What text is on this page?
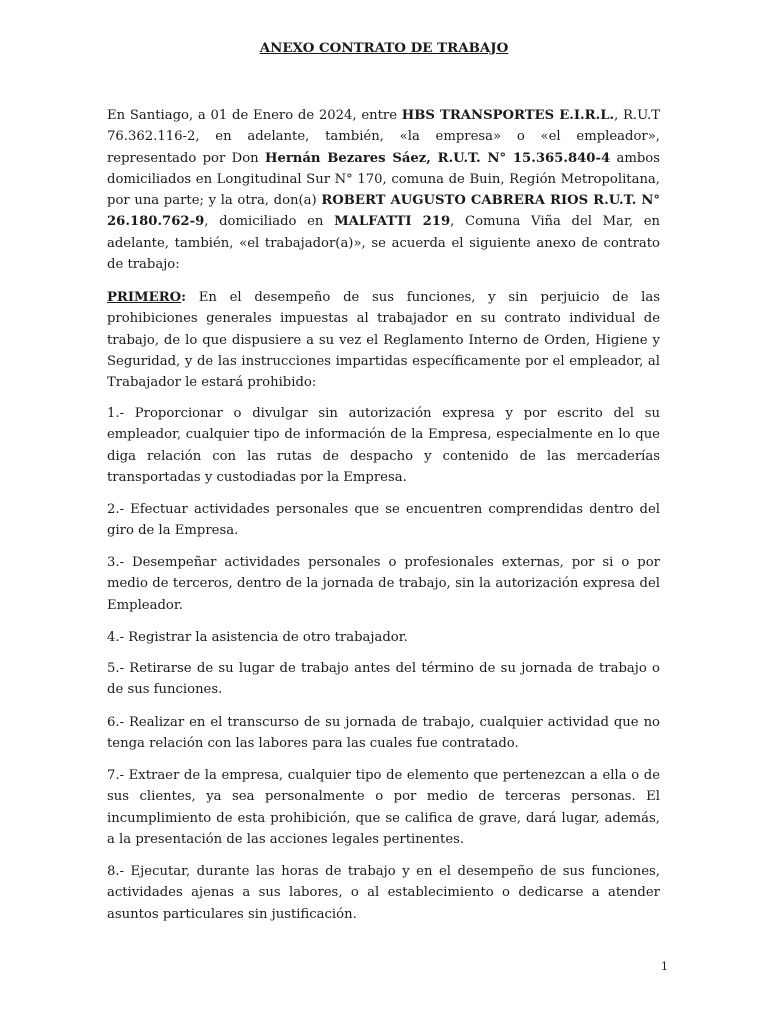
ANEXO CONTRATO DE TRABAJO
En Santiago, a 01 de Enero de 2024, entre HBS TRANSPORTES E.I.R.L., R.U.T 76.362.116-2, en adelante, también, «la empresa» o «el empleador», representado por Don Hernán Bezares Sáez, R.U.T. N° 15.365.840-4 ambos domiciliados en Longitudinal Sur N° 170, comuna de Buin, Región Metropolitana, por una parte; y la otra, don(a) ROBERT AUGUSTO CABRERA RIOS R.U.T. N° 26.180.762-9, domiciliado en MALFATTI 219, Comuna Viña del Mar, en adelante, también, «el trabajador(a)», se acuerda el siguiente anexo de contrato de trabajo:
PRIMERO: En el desempeño de sus funciones, y sin perjuicio de las prohibiciones generales impuestas al trabajador en su contrato individual de trabajo, de lo que dispusiere a su vez el Reglamento Interno de Orden, Higiene y Seguridad, y de las instrucciones impartidas específicamente por el empleador, al Trabajador le estará prohibido:
1.- Proporcionar o divulgar sin autorización expresa y por escrito del su empleador, cualquier tipo de información de la Empresa, especialmente en lo que diga relación con las rutas de despacho y contenido de las mercaderías transportadas y custodiadas por la Empresa.
2.- Efectuar actividades personales que se encuentren comprendidas dentro del giro de la Empresa.
3.- Desempeñar actividades personales o profesionales externas, por si o por medio de terceros, dentro de la jornada de trabajo, sin la autorización expresa del Empleador.
4.- Registrar la asistencia de otro trabajador.
5.- Retirarse de su lugar de trabajo antes del término de su jornada de trabajo o de sus funciones.
6.- Realizar en el transcurso de su jornada de trabajo, cualquier actividad que no tenga relación con las labores para las cuales fue contratado.
7.- Extraer de la empresa, cualquier tipo de elemento que pertenezcan a ella o de sus clientes, ya sea personalmente o por medio de terceras personas. El incumplimiento de esta prohibición, que se califica de grave, dará lugar, además, a la presentación de las acciones legales pertinentes.
8.- Ejecutar, durante las horas de trabajo y en el desempeño de sus funciones, actividades ajenas a sus labores, o al establecimiento o dedicarse a atender asuntos particulares sin justificación.
1
